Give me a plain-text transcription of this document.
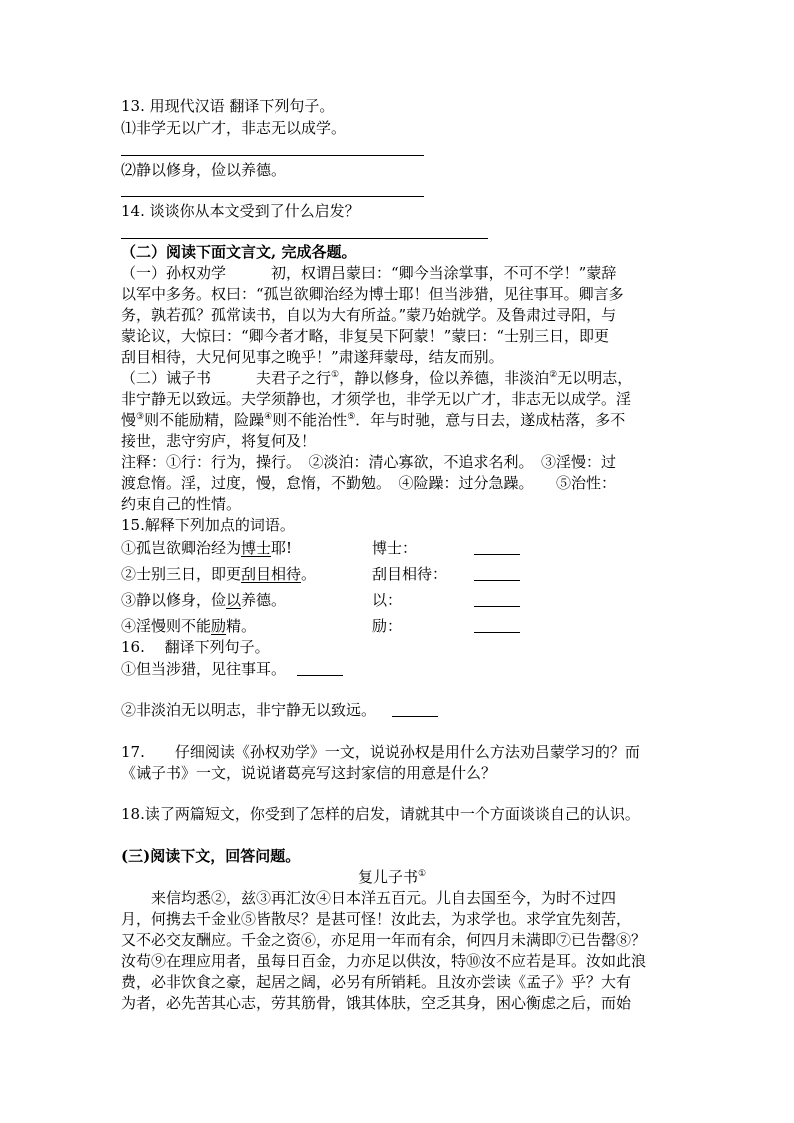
13. 用现代汉语 翻译下列句子。
⑴非学无以广才，非志无以成学。
⑵静以修身，俭以养德。
14. 谈谈你从本文受到了什么启发？
（二）阅读下面文言文, 完成各题。
（一）孙权劝学　　　初，权谓吕蒙曰：“卿今当涂掌事，不可不学！”蒙辞
以军中多务。权曰：“孤岂欲卿治经为博士耶！但当涉猎，见往事耳。卿言多
务，孰若孤？孤常读书，自以为大有所益。”蒙乃始就学。及鲁肃过寻阳，与
蒙论议，大惊曰：“卿今者才略，非复吴下阿蒙！”蒙曰：“士别三日，即更
刮目相待，大兄何见事之晚乎！”肃遂拜蒙母，结友而别。
（二）诫子书　　　夫君子之行①，静以修身，俭以养德，非淡泊②无以明志，
非宁静无以致远。夫学须静也，才须学也，非学无以广才，非志无以成学。淫
慢③则不能励精，险躁④则不能治性⑤．年与时驰，意与日去，遂成枯落，多不
接世，悲守穷庐，将复何及！
注释：①行：行为，操行。　②淡泊：清心寡欲，不追求名利。　③淫慢：过
渡怠惰。淫，过度，慢，怠惰，不勤勉。　④险躁：过分急躁。　　⑤治性：
约束自己的性情。
15.解释下列加点的词语。
①孤岂欲卿治经为博士耶!	博士：
②士别三日，即更刮目相待。	刮目相待：
③静以修身，俭以养德。	以：
④淫慢则不能励精。	励：
16.　 翻译下列句子。
①但当涉猎，见往事耳。
②非淡泊无以明志，非宁静无以致远。
17.　　仔细阅读《孙权劝学》一文，说说孙权是用什么方法劝吕蒙学习的？而
《诫子书》一文，说说诸葛亮写这封家信的用意是什么？
18.读了两篇短文，你受到了怎样的启发，请就其中一个方面谈谈自己的认识。
(三)阅读下文，回答问题。
复儿子书①
　　来信均悉②，兹③再汇汝④日本洋五百元。儿自去国至今，为时不过四
月，何携去千金业⑤皆散尽？是甚可怪！汝此去，为求学也。求学宜先刻苦，
又不必交友酬应。千金之资⑥，亦足用一年而有余，何四月未满即⑦已告罄⑧？
汝苟⑨在理应用者，虽每日百金，力亦足以供汝，特⑩汝不应若是耳。汝如此浪
费，必非饮食之豪，起居之阔，必另有所销耗。且汝亦尝读《孟子》乎？大有
为者，必先苦其心志，劳其筋骨，饿其体肤，空乏其身，困心衡虑之后，而始
